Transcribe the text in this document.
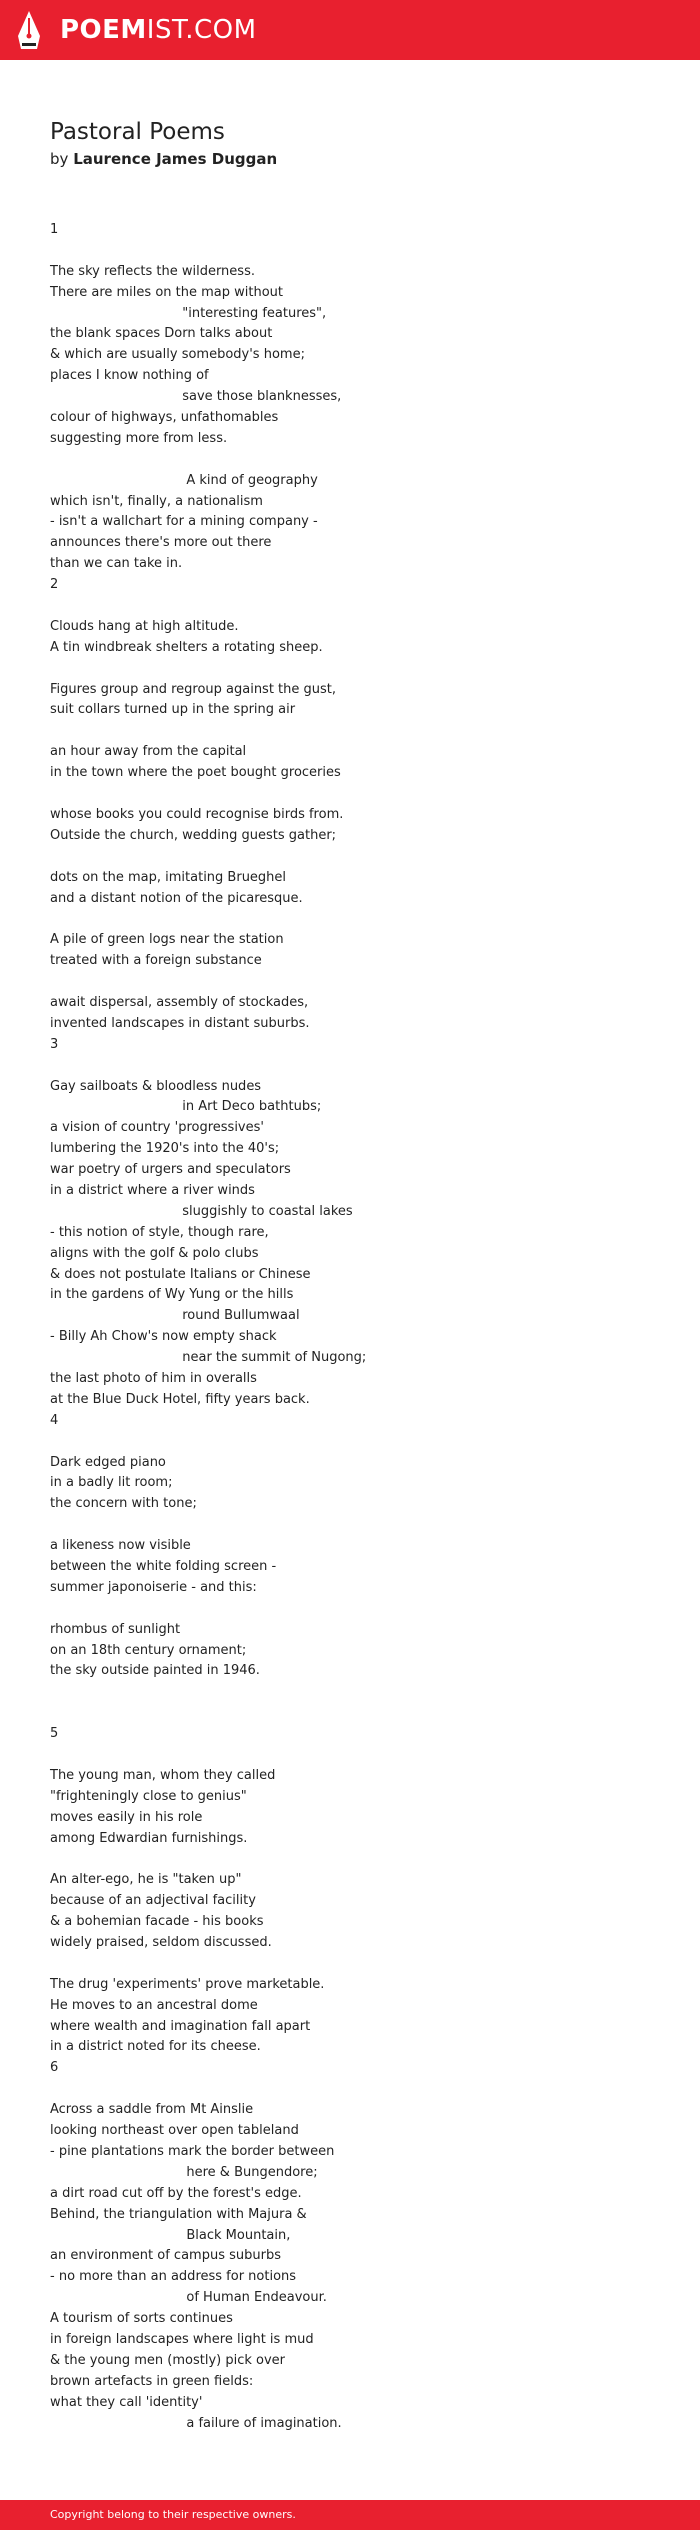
POEMIST.COM
Pastoral Poems
by Laurence James Duggan
1
The sky reflects the wilderness.
There are miles on the map without
"interesting features",
the blank spaces Dorn talks about
& which are usually somebody's home;
places I know nothing of
save those blanknesses,
colour of highways, unfathomables
suggesting more from less.
A kind of geography
which isn't, finally, a nationalism
- isn't a wallchart for a mining company -
announces there's more out there
than we can take in.
2
Clouds hang at high altitude.
A tin windbreak shelters a rotating sheep.
Figures group and regroup against the gust,
suit collars turned up in the spring air
an hour away from the capital
in the town where the poet bought groceries
whose books you could recognise birds from.
Outside the church, wedding guests gather;
dots on the map, imitating Brueghel
and a distant notion of the picaresque.
A pile of green logs near the station
treated with a foreign substance
await dispersal, assembly of stockades,
invented landscapes in distant suburbs.
3
Gay sailboats & bloodless nudes
in Art Deco bathtubs;
a vision of country 'progressives'
lumbering the 1920's into the 40's;
war poetry of urgers and speculators
in a district where a river winds
sluggishly to coastal lakes
- this notion of style, though rare,
aligns with the golf & polo clubs
& does not postulate Italians or Chinese
in the gardens of Wy Yung or the hills
round Bullumwaal
- Billy Ah Chow's now empty shack
near the summit of Nugong;
the last photo of him in overalls
at the Blue Duck Hotel, fifty years back.
4
Dark edged piano
in a badly lit room;
the concern with tone;
a likeness now visible
between the white folding screen -
summer japonoiserie - and this:
rhombus of sunlight
on an 18th century ornament;
the sky outside painted in 1946.
5
The young man, whom they called
"frighteningly close to genius"
moves easily in his role
among Edwardian furnishings.
An alter-ego, he is "taken up"
because of an adjectival facility
& a bohemian facade - his books
widely praised, seldom discussed.
The drug 'experiments' prove marketable.
He moves to an ancestral dome
where wealth and imagination fall apart
in a district noted for its cheese.
6
Across a saddle from Mt Ainslie
looking northeast over open tableland
- pine plantations mark the border between
here & Bungendore;
a dirt road cut off by the forest's edge.
Behind, the triangulation with Majura &
Black Mountain,
an environment of campus suburbs
- no more than an address for notions
of Human Endeavour.
A tourism of sorts continues
in foreign landscapes where light is mud
& the young men (mostly) pick over
brown artefacts in green fields:
what they call 'identity'
a failure of imagination.
Copyright belong to their respective owners.
